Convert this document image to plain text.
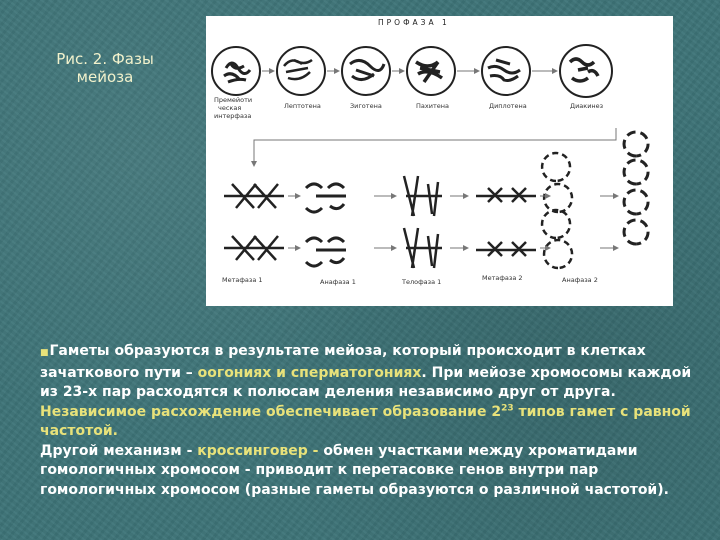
Рис. 2. Фазы
мейоза
ПРОФАЗА 1
Премейоти
ческая
интерфаза
Лептотена	Зиготена	Пахитена	Диплотена	Диакинез
Метафаза 1	Анафаза 1	Телофаза 1	Метафаза 2	Анафаза 2

■Гаметы образуются в результате мейоза, который происходит в клетках зачаткового пути – оогониях и сперматогониях. При мейозе хромосомы каждой из 23-х пар расходятся к полюсам деления независимо друг от друга. Независимое расхождение обеспечивает образование $2^{23}$ типов гамет с равной частотой.

Другой механизм - кроссинговер - обмен участками между хроматидами гомологичных хромосом - приводит к перетасовке генов внутри пар гомологичных хромосом (разные гаметы образуются о различной частотой).
